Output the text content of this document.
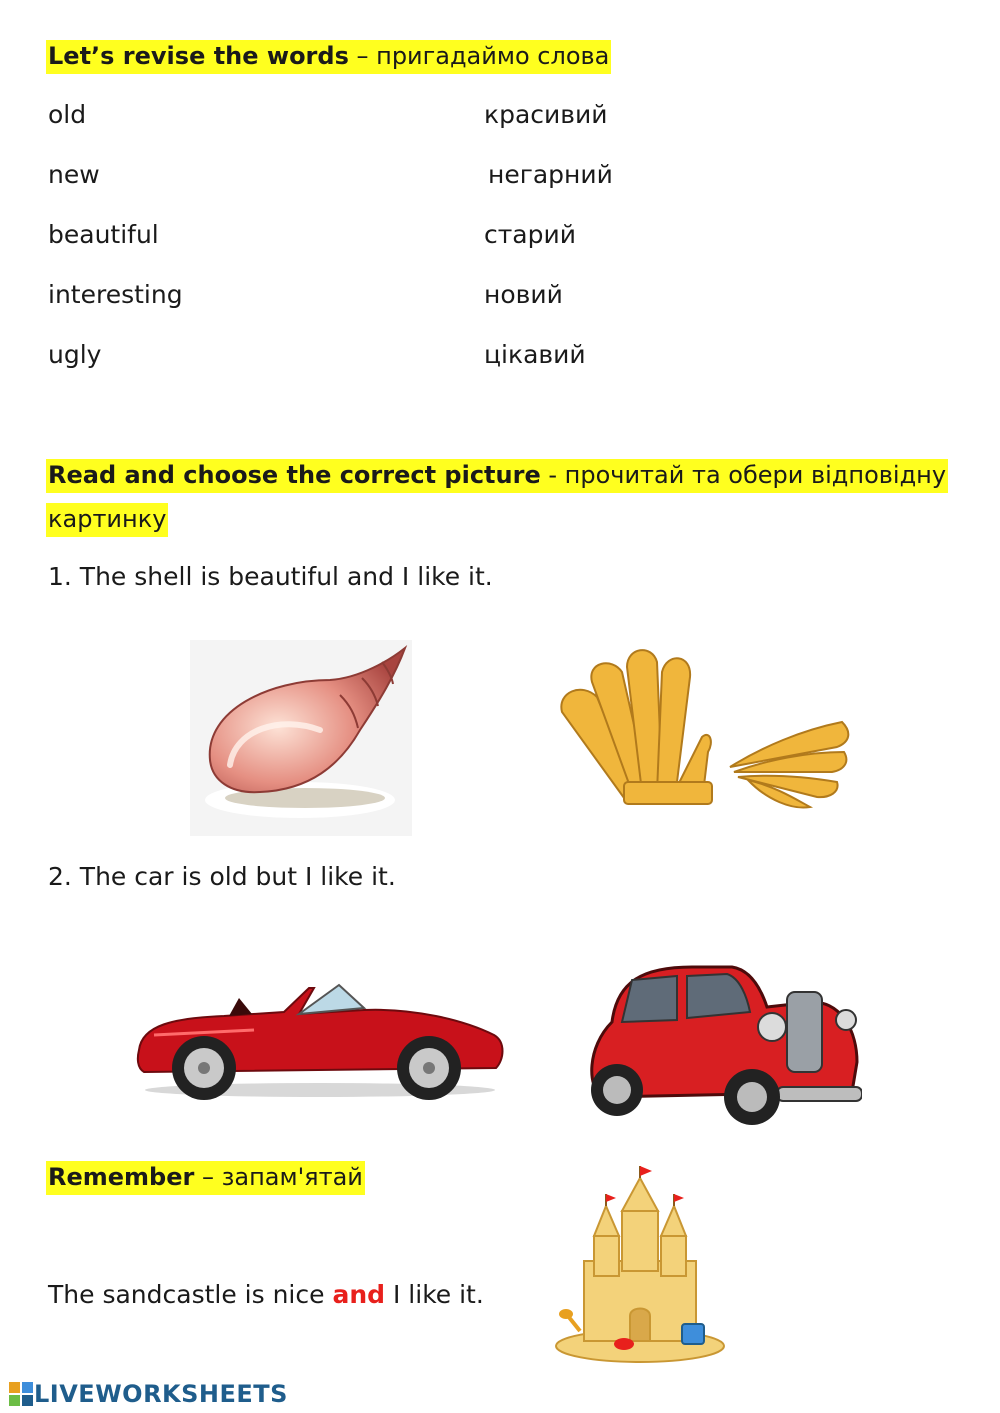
Let’s revise the words – пригадаймо слова
old
new
beautiful
interesting
ugly
красивий
негарний
старий
новий
цікавий
Read and choose the correct picture - прочитай та обери відповідну
картинку
1. The shell is beautiful and I like it.
2. The car is old but I like it.
Remember – запам'ятай
The sandcastle is nice and I like it.
LIVEWORKSHEETS
